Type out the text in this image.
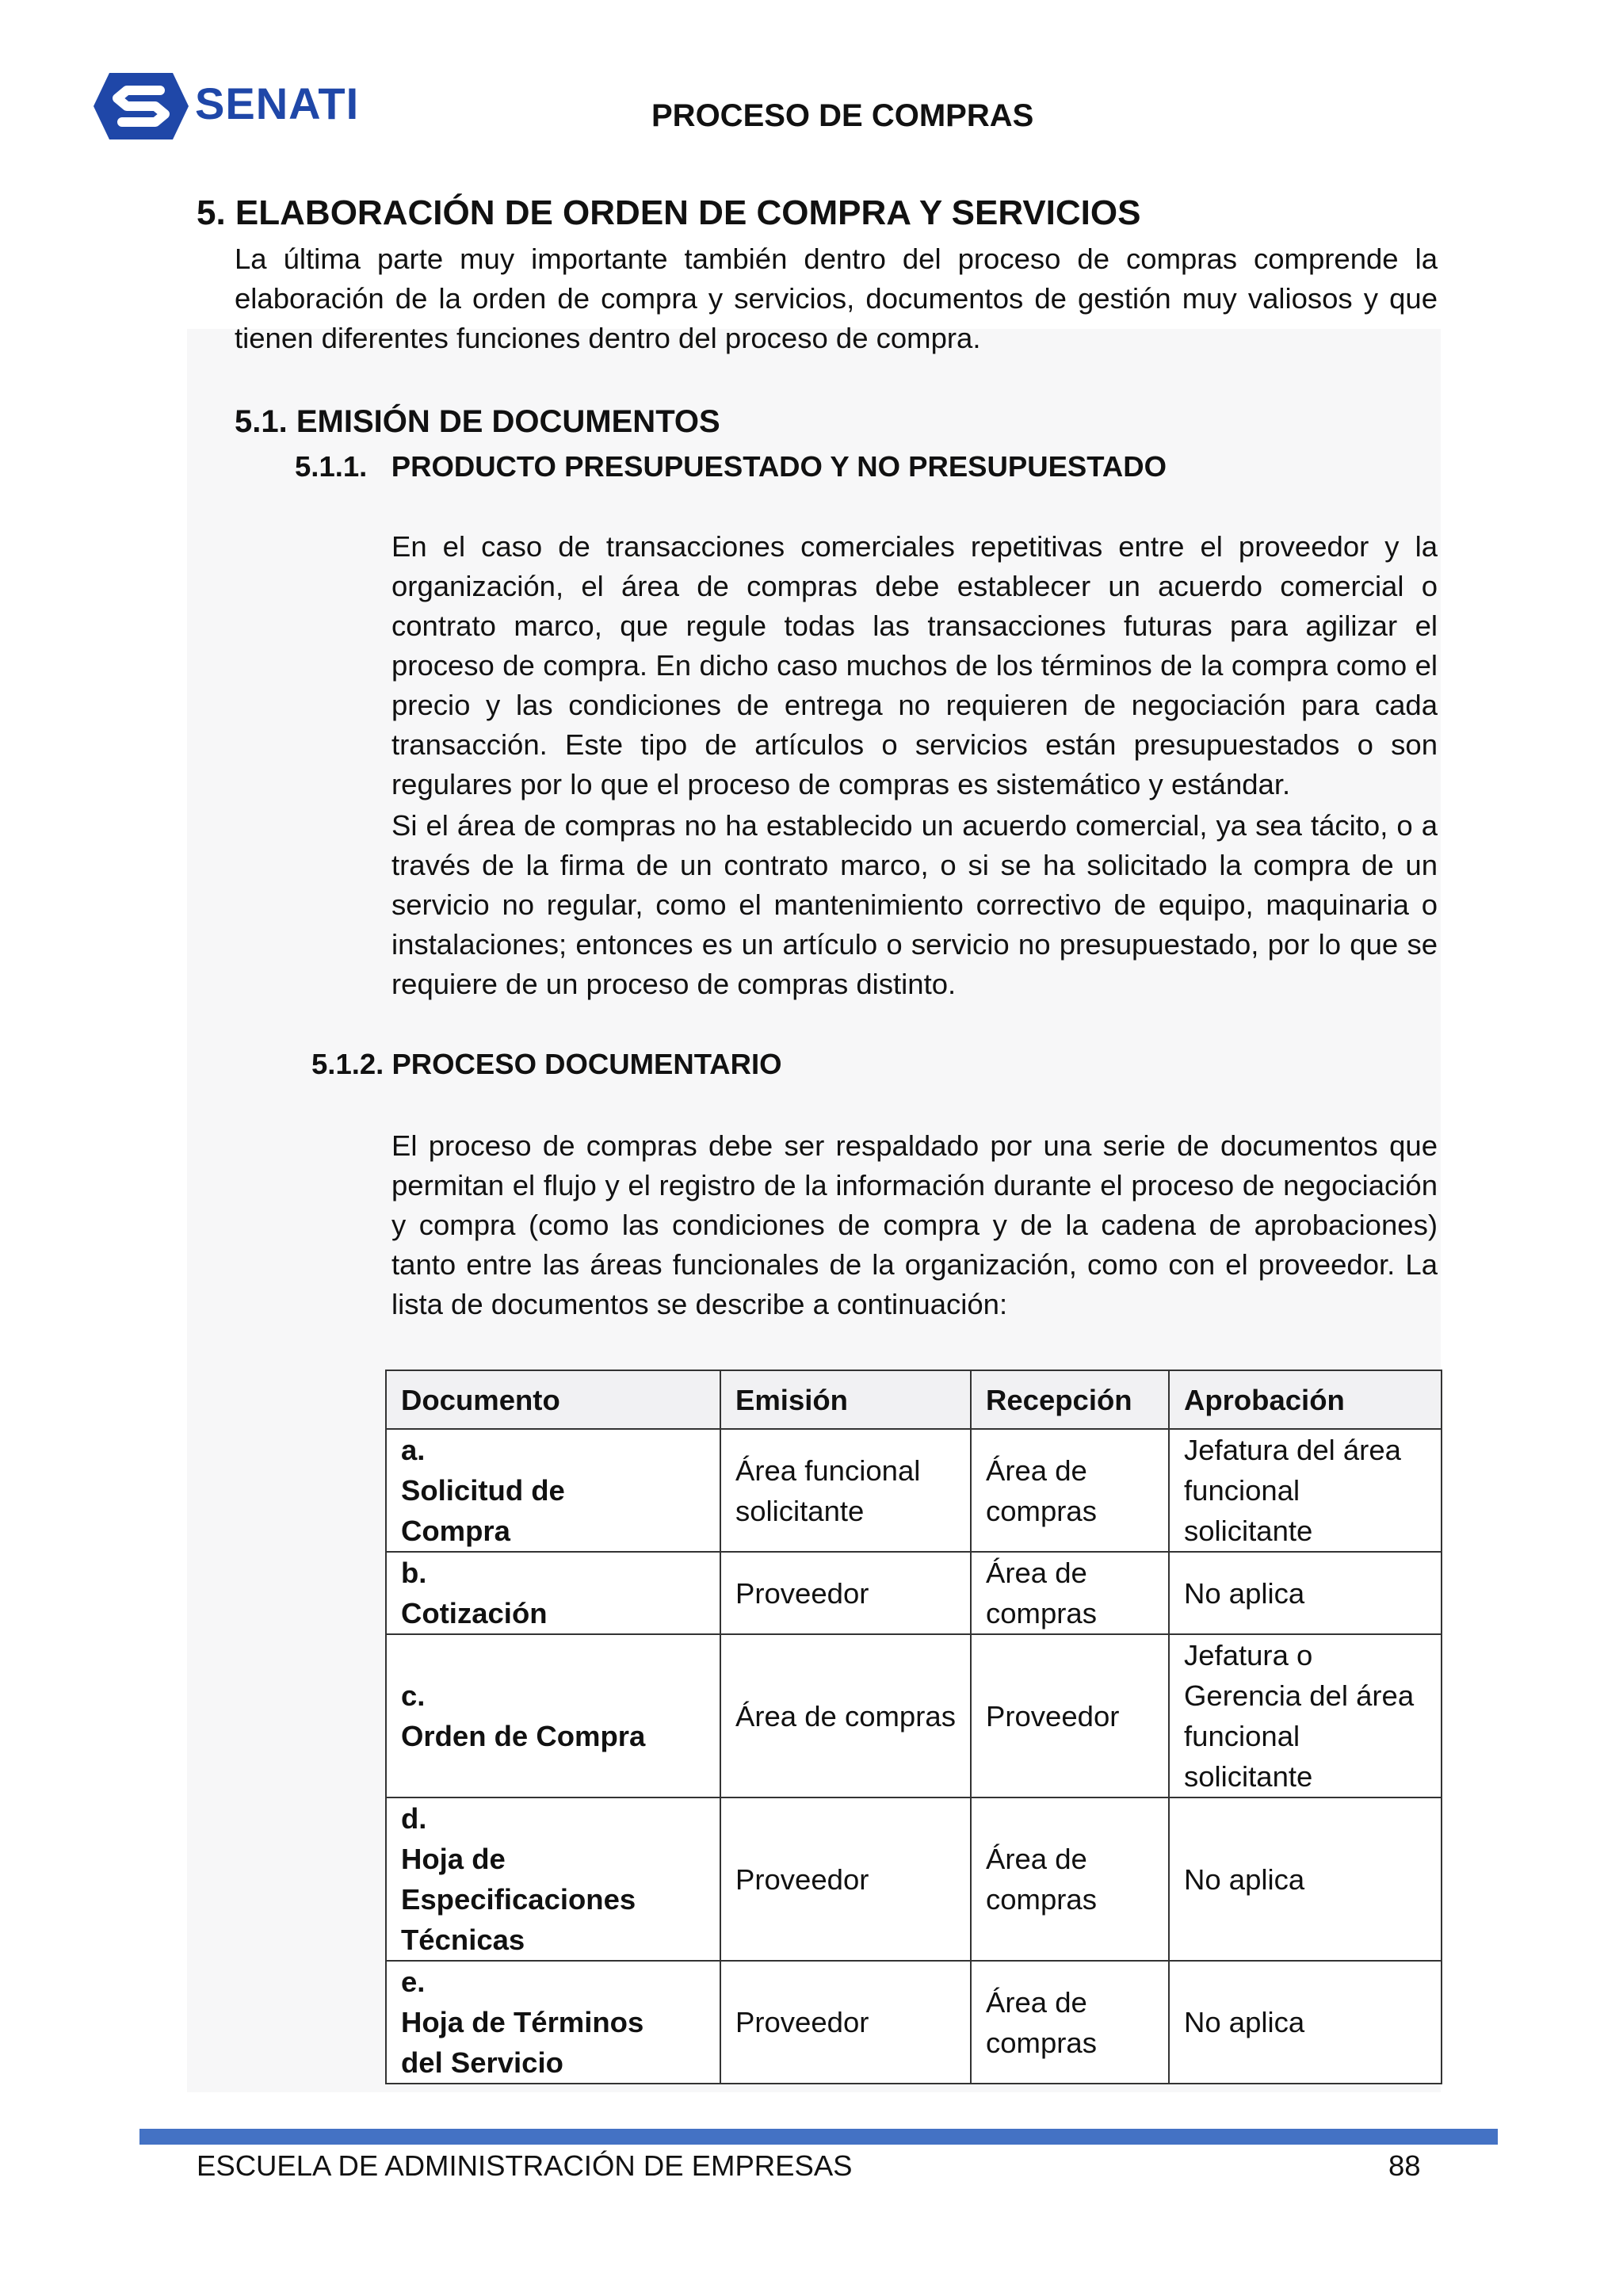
SENATI	PROCESO DE COMPRAS
5. ELABORACIÓN DE ORDEN DE COMPRA Y SERVICIOS

La última parte muy importante también dentro del proceso de compras comprende la elaboración de la orden de compra y servicios, documentos de gestión muy valiosos y que tienen diferentes funciones dentro del proceso de compra.

5.1. EMISIÓN DE DOCUMENTOS
5.1.1.   PRODUCTO PRESUPUESTADO Y NO PRESUPUESTADO

En el caso de transacciones comerciales repetitivas entre el proveedor y la organización, el área de compras debe establecer un acuerdo comercial o contrato marco, que regule todas las transacciones futuras para agilizar el proceso de compra. En dicho caso muchos de los términos de la compra como el precio y las condiciones de entrega no requieren de negociación para cada transacción. Este tipo de artículos o servicios están presupuestados o son regulares por lo que el proceso de compras es sistemático y estándar.

Si el área de compras no ha establecido un acuerdo comercial, ya sea tácito, o a través de la firma de un contrato marco, o si se ha solicitado la compra de un servicio no regular, como el mantenimiento correctivo de equipo, maquinaria o instalaciones; entonces es un artículo o servicio no presupuestado, por lo que se requiere de un proceso de compras distinto.

5.1.2. PROCESO DOCUMENTARIO

El proceso de compras debe ser respaldado por una serie de documentos que permitan el flujo y el registro de la información durante el proceso de negociación y compra (como las condiciones de compra y de la cadena de aprobaciones) tanto entre las áreas funcionales de la organización, como con el proveedor. La lista de documentos se describe a continuación:

Documento	Emisión	Recepción	Aprobación
a.Solicitud de Compra	Área funcional solicitante	Área de compras	Jefatura del área funcional solicitante
b.Cotización	Proveedor	Área de compras	No aplica
c.Orden de Compra	Área de compras	Proveedor	Jefatura o Gerencia del área funcional solicitante
d.Hoja de Especificaciones Técnicas	Proveedor	Área de compras	No aplica
e.Hoja de Términos del Servicio	Proveedor	Área de compras	No aplica
ESCUELA DE ADMINISTRACIÓN DE EMPRESAS	88
